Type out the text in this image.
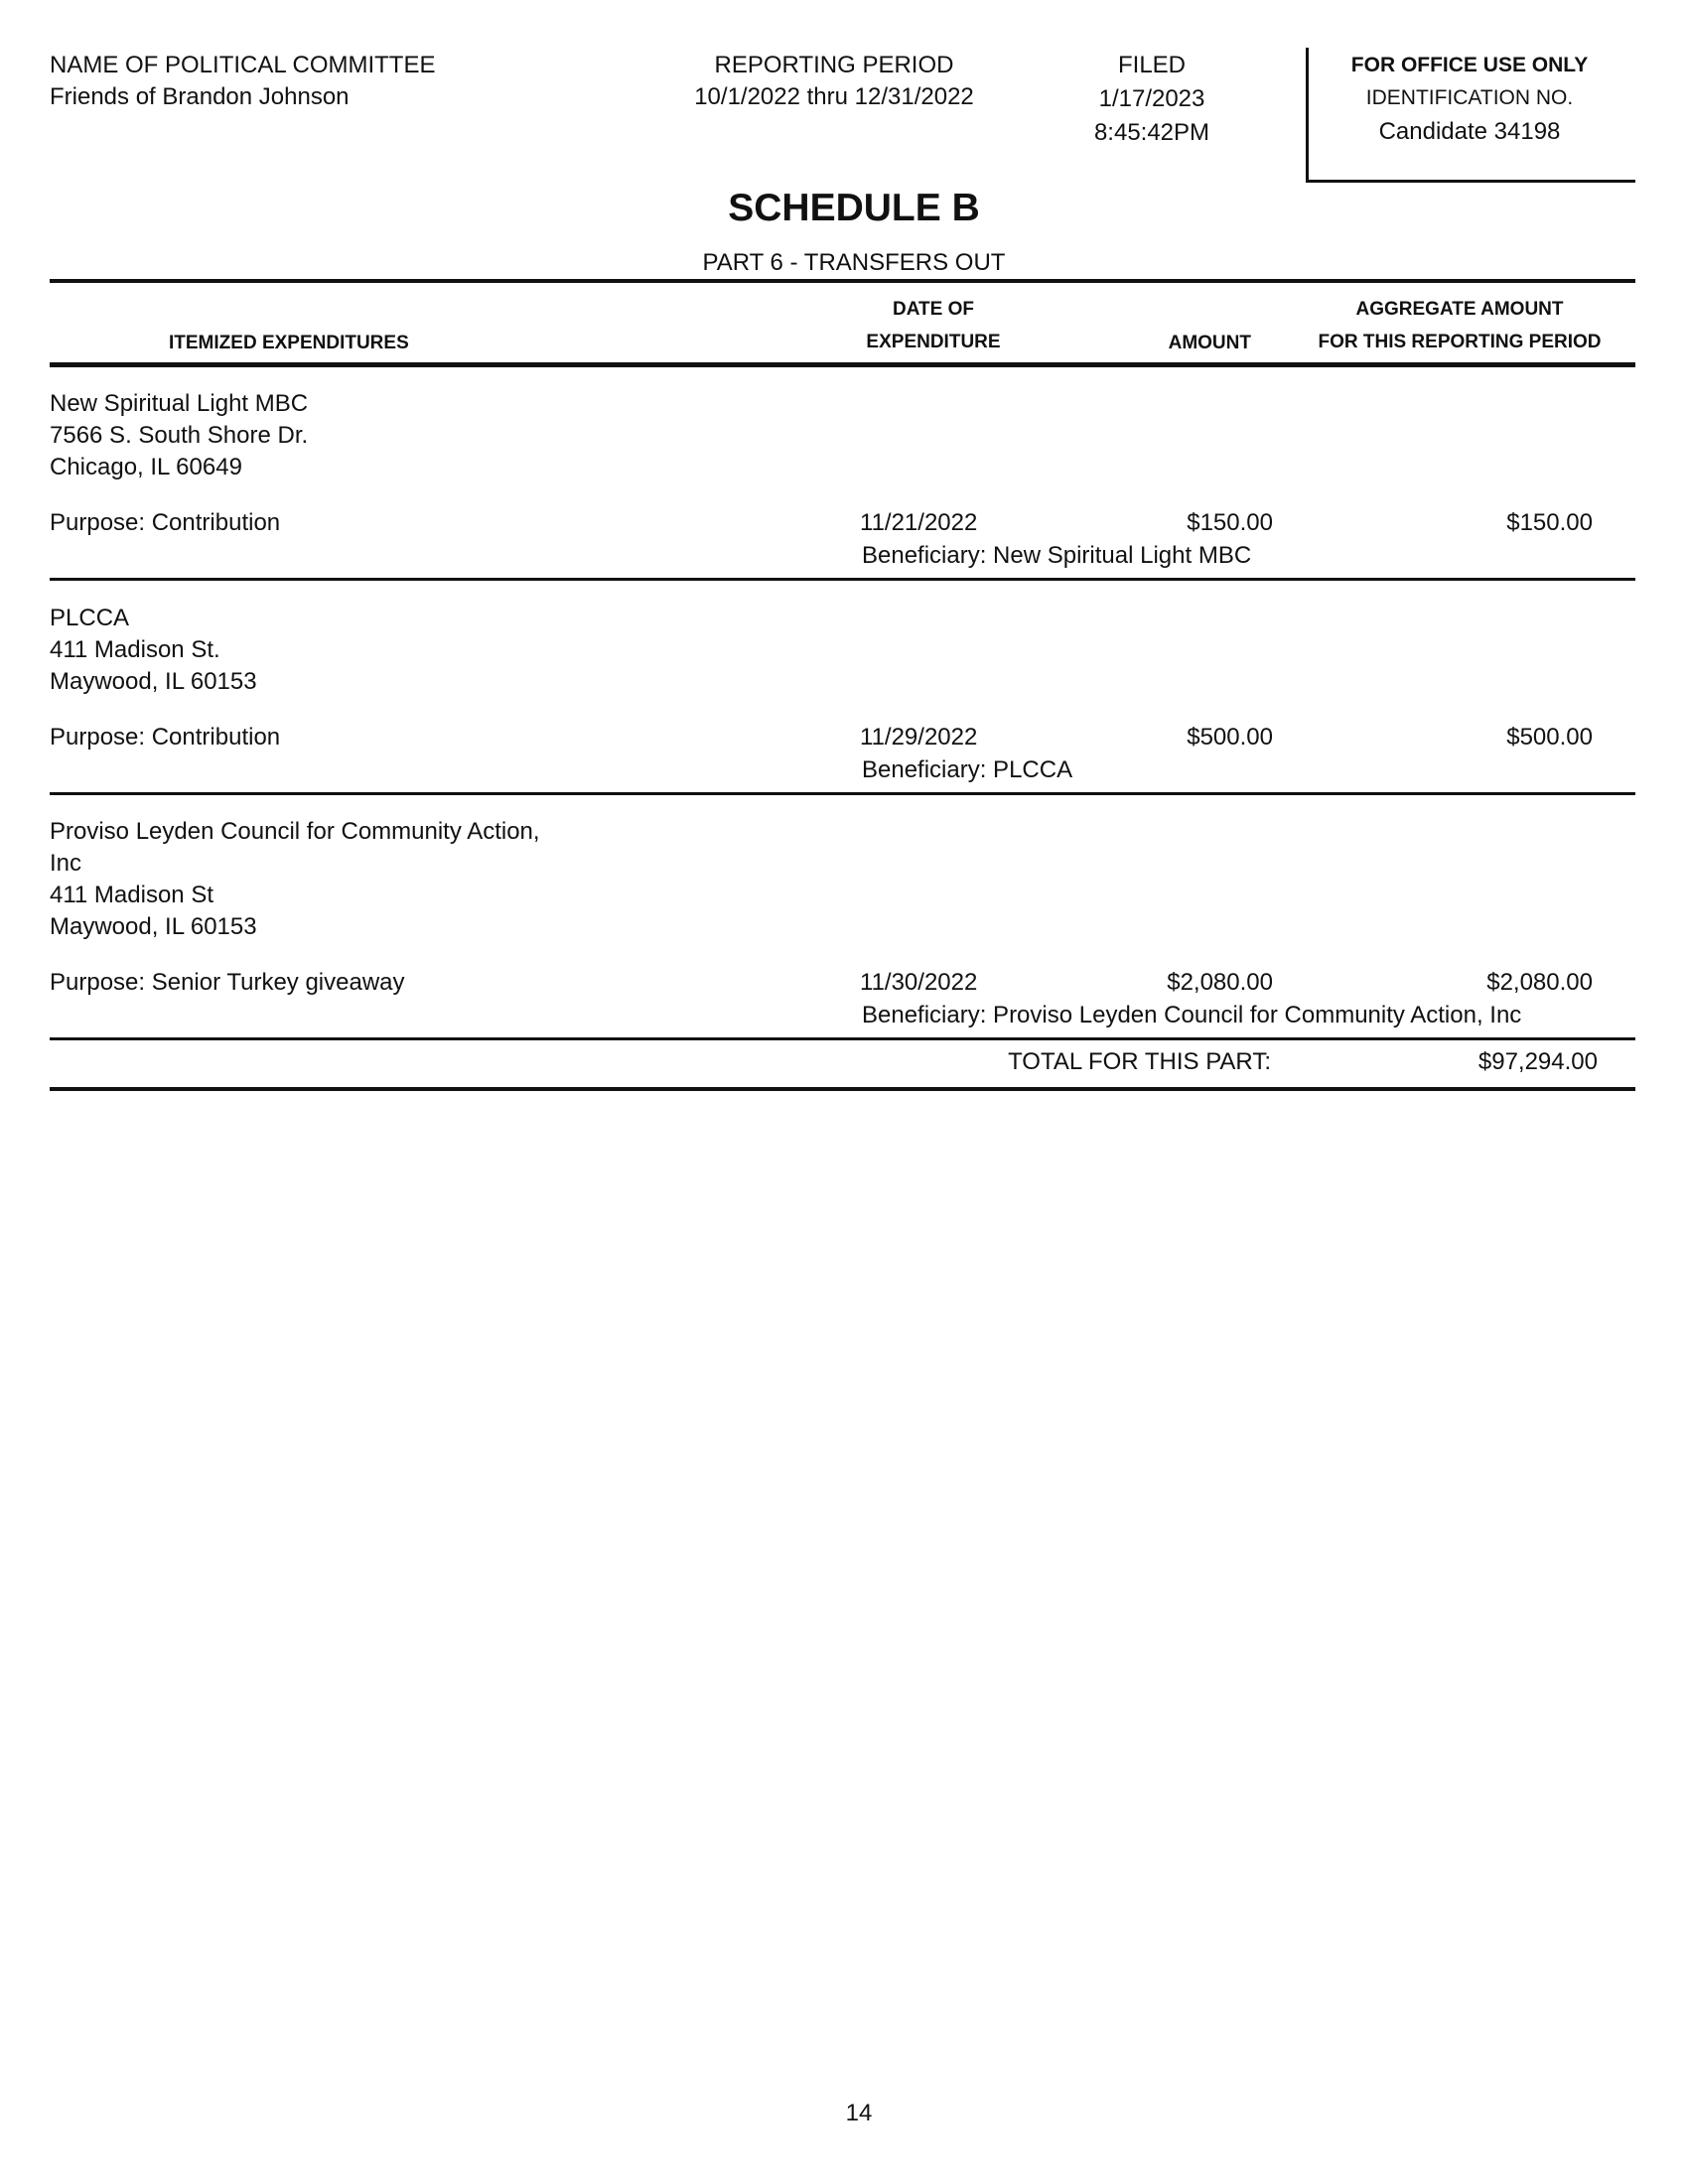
NAME OF POLITICAL COMMITTEE
Friends of Brandon Johnson
REPORTING PERIOD
10/1/2022 thru 12/31/2022
FILED
1/17/2023
8:45:42PM
FOR OFFICE USE ONLY
IDENTIFICATION NO.
Candidate 34198
SCHEDULE B
PART 6 - TRANSFERS OUT
ITEMIZED EXPENDITURES
DATE OF
EXPENDITURE	AMOUNT
AGGREGATE AMOUNT
FOR THIS REPORTING PERIOD
New Spiritual Light MBC
7566 S. South Shore Dr.
Chicago, IL 60649
Purpose: Contribution	11/21/2022	$150.00	$150.00
Beneficiary: New Spiritual Light MBC
PLCCA
411 Madison St.
Maywood, IL 60153
Purpose: Contribution	11/29/2022	$500.00	$500.00
Beneficiary: PLCCA
Proviso Leyden Council for Community Action,
Inc
411 Madison St
Maywood, IL 60153
Purpose: Senior Turkey giveaway	11/30/2022	$2,080.00	$2,080.00
Beneficiary: Proviso Leyden Council for Community Action, Inc
TOTAL FOR THIS PART:	$97,294.00
14
